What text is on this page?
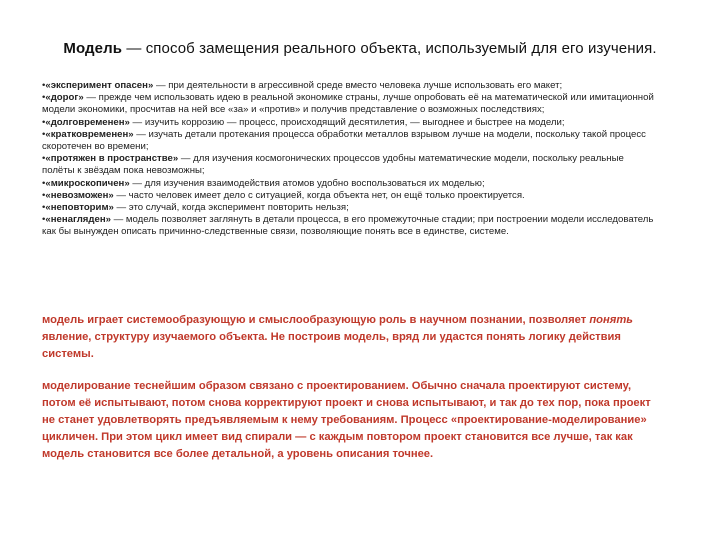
Модель — способ замещения реального объекта, используемый для его изучения.

•«эксперимент опасен» — при деятельности в агрессивной среде вместо человека лучше использовать его макет;

•«дорог» — прежде чем использовать идею в реальной экономике страны, лучше опробовать её на математической или имитационной модели экономики, просчитав на ней все «за» и «против» и получив представление о возможных последствиях;

•«долговременен» — изучить коррозию — процесс, происходящий десятилетия, — выгоднее и быстрее на модели;

•«кратковременен» — изучать детали протекания процесса обработки металлов взрывом лучше на модели, поскольку такой процесс скоротечен во времени;

•«протяжен в пространстве» — для изучения космогонических процессов удобны математические модели, поскольку реальные полёты к звёздам пока невозможны;

•«микроскопичен» — для изучения взаимодействия атомов удобно воспользоваться их моделью;

•«невозможен» — часто человек имеет дело с ситуацией, когда объекта нет, он ещё только проектируется.

•«неповторим» — это случай, когда эксперимент повторить нельзя;

•«ненагляден» — модель позволяет заглянуть в детали процесса, в его промежуточные стадии; при построении модели исследователь как бы вынужден описать причинно-следственные связи, позволяющие понять все в единстве, системе.

модель играет системообразующую и смыслообразующую роль в научном познании, позволяет понять явление, структуру изучаемого объекта. Не построив модель, вряд ли удастся понять логику действия системы.

моделирование теснейшим образом связано с проектированием. Обычно сначала проектируют систему, потом её испытывают, потом снова корректируют проект и снова испытывают, и так до тех пор, пока проект не станет удовлетворять предъявляемым к нему требованиям. Процесс «проектирование-моделирование» цикличен. При этом цикл имеет вид спирали — с каждым повтором проект становится все лучше, так как модель становится все более детальной, а уровень описания точнее.
